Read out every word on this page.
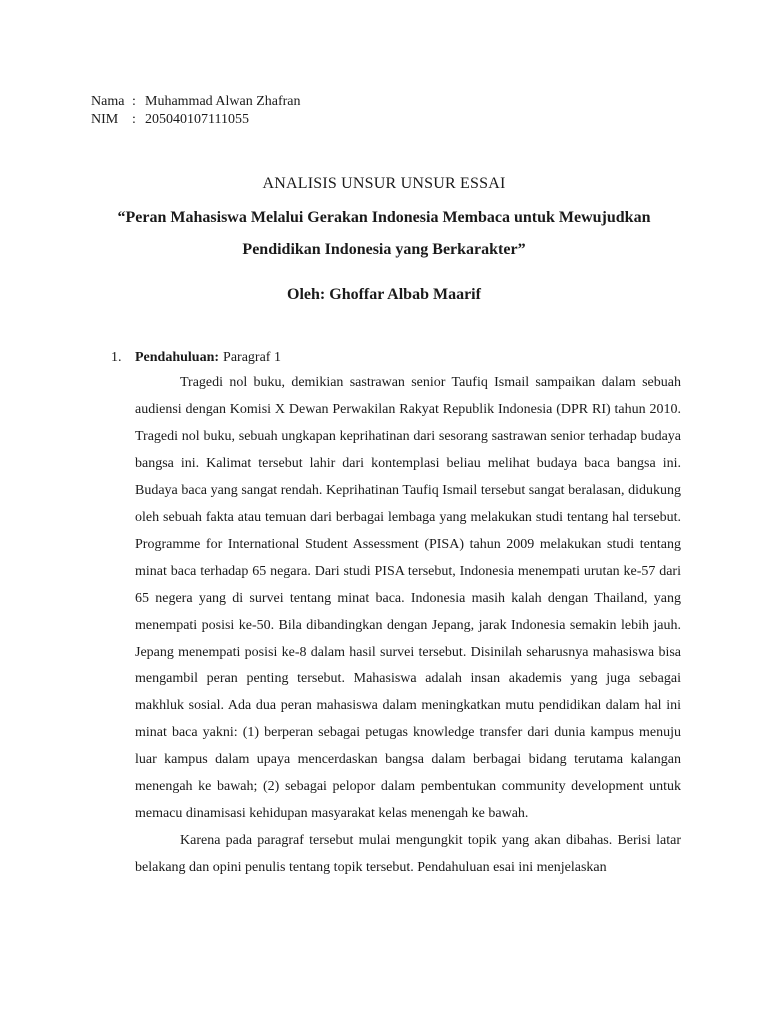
Nama : Muhammad Alwan Zhafran
NIM : 205040107111055
ANALISIS UNSUR UNSUR ESSAI
“Peran Mahasiswa Melalui Gerakan Indonesia Membaca untuk Mewujudkan Pendidikan Indonesia yang Berkarakter”
Oleh: Ghoffar Albab Maarif
1. Pendahuluan: Paragraf 1

Tragedi nol buku, demikian sastrawan senior Taufiq Ismail sampaikan dalam sebuah audiensi dengan Komisi X Dewan Perwakilan Rakyat Republik Indonesia (DPR RI) tahun 2010. Tragedi nol buku, sebuah ungkapan keprihatinan dari sesorang sastrawan senior terhadap budaya bangsa ini. Kalimat tersebut lahir dari kontemplasi beliau melihat budaya baca bangsa ini. Budaya baca yang sangat rendah. Keprihatinan Taufiq Ismail tersebut sangat beralasan, didukung oleh sebuah fakta atau temuan dari berbagai lembaga yang melakukan studi tentang hal tersebut. Programme for International Student Assessment (PISA) tahun 2009 melakukan studi tentang minat baca terhadap 65 negara. Dari studi PISA tersebut, Indonesia menempati urutan ke-57 dari 65 negera yang di survei tentang minat baca. Indonesia masih kalah dengan Thailand, yang menempati posisi ke-50. Bila dibandingkan dengan Jepang, jarak Indonesia semakin lebih jauh. Jepang menempati posisi ke-8 dalam hasil survei tersebut. Disinilah seharusnya mahasiswa bisa mengambil peran penting tersebut. Mahasiswa adalah insan akademis yang juga sebagai makhluk sosial. Ada dua peran mahasiswa dalam meningkatkan mutu pendidikan dalam hal ini minat baca yakni: (1) berperan sebagai petugas knowledge transfer dari dunia kampus menuju luar kampus dalam upaya mencerdaskan bangsa dalam berbagai bidang terutama kalangan menengah ke bawah; (2) sebagai pelopor dalam pembentukan community development untuk memacu dinamisasi kehidupan masyarakat kelas menengah ke bawah.

Karena pada paragraf tersebut mulai mengungkit topik yang akan dibahas. Berisi latar belakang dan opini penulis tentang topik tersebut. Pendahuluan esai ini menjelaskan
